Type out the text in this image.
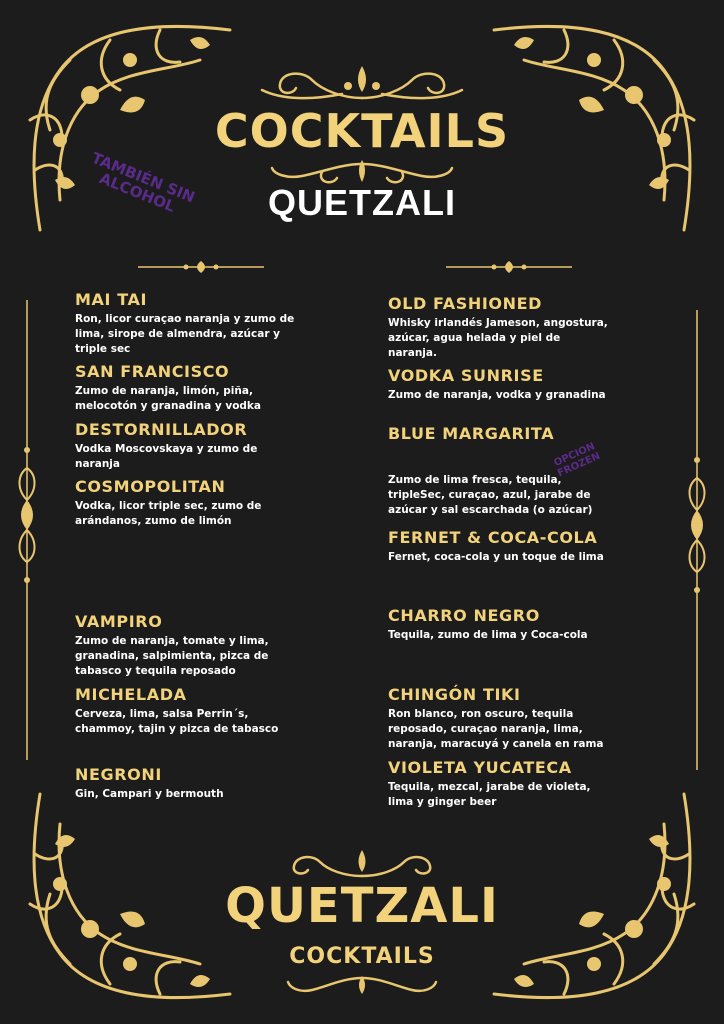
COCKTAILS
QUETZALI
TAMBIÉN SIN ALCOHOL
MAI TAI
Ron, licor curaçao naranja y zumo de lima, sirope de almendra, azúcar y triple sec
SAN FRANCISCO
Zumo de naranja, limón, piña, melocotón y granadina y vodka
DESTORNILLADOR
Vodka Moscovskaya y zumo de naranja
COSMOPOLITAN
Vodka, licor triple sec, zumo de arándanos, zumo de limón
VAMPIRO
Zumo de naranja, tomate y lima, granadina, salpimienta, pizca de tabasco y tequila reposado
MICHELADA
Cerveza, lima, salsa Perrin´s, chammoy, tajin y pizca de tabasco
NEGRONI
Gin, Campari y bermouth
OLD FASHIONED
Whisky irlandés Jameson, angostura, azúcar, agua helada y piel de naranja.
VODKA SUNRISE
Zumo de naranja, vodka y granadina
BLUE MARGARITA
Zumo de lima fresca, tequila, tripleSec, curaçao, azul, jarabe de azúcar y sal escarchada (o azúcar)
OPCION FROZEN
FERNET & COCA-COLA
Fernet, coca-cola y un toque de lima
CHARRO NEGRO
Tequila, zumo de lima y Coca-cola
CHINGÓN TIKI
Ron blanco, ron oscuro, tequila reposado, curaçao naranja, lima, naranja, maracuyá y canela en rama
VIOLETA YUCATECA
Tequila, mezcal, jarabe de violeta, lima y ginger beer
QUETZALI
COCKTAILS
